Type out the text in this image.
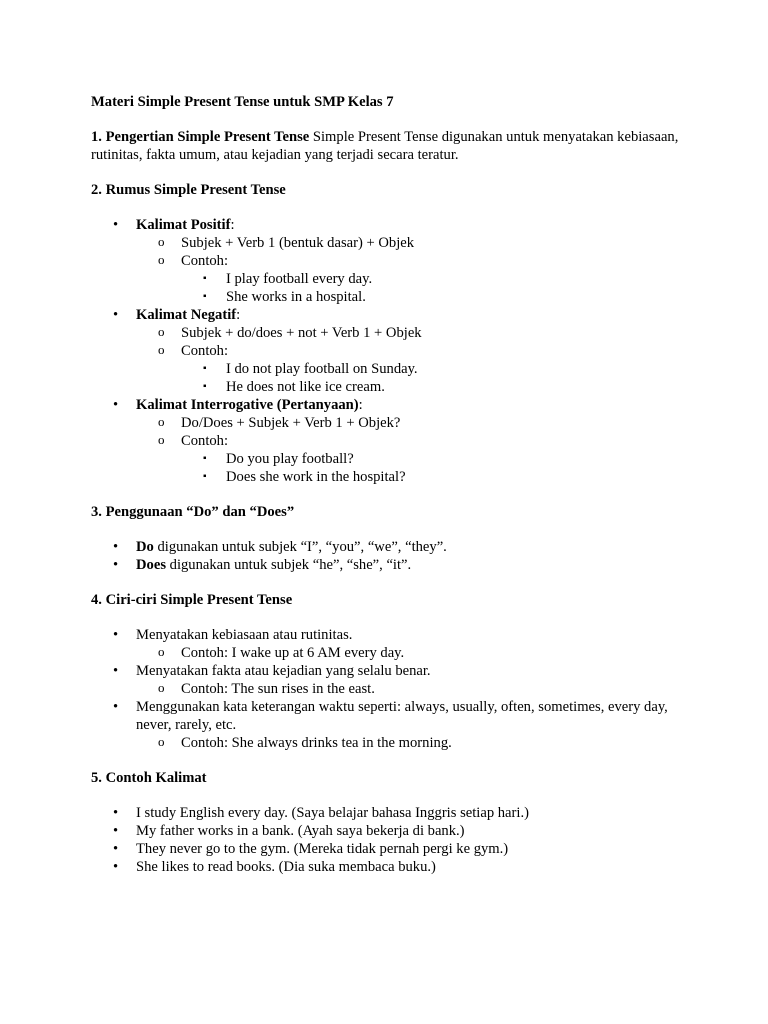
Materi Simple Present Tense untuk SMP Kelas 7

1. Pengertian Simple Present Tense Simple Present Tense digunakan untuk menyatakan kebiasaan, rutinitas, fakta umum, atau kejadian yang terjadi secara teratur.

2. Rumus Simple Present Tense
• Kalimat Positif:
o Subjek + Verb 1 (bentuk dasar) + Objek
o Contoh:
▪ I play football every day.
▪ She works in a hospital.
• Kalimat Negatif:
o Subjek + do/does + not + Verb 1 + Objek
o Contoh:
▪ I do not play football on Sunday.
▪ He does not like ice cream.
• Kalimat Interrogative (Pertanyaan):
o Do/Does + Subjek + Verb 1 + Objek?
o Contoh:
▪ Do you play football?
▪ Does she work in the hospital?
3. Penggunaan “Do” dan “Does”
• Do digunakan untuk subjek “I”, “you”, “we”, “they”.
• Does digunakan untuk subjek “he”, “she”, “it”.
4. Ciri-ciri Simple Present Tense
• Menyatakan kebiasaan atau rutinitas.
o Contoh: I wake up at 6 AM every day.
• Menyatakan fakta atau kejadian yang selalu benar.
o Contoh: The sun rises in the east.
• Menggunakan kata keterangan waktu seperti: always, usually, often, sometimes, every day, never, rarely, etc.
o Contoh: She always drinks tea in the morning.
5. Contoh Kalimat
• I study English every day. (Saya belajar bahasa Inggris setiap hari.)
• My father works in a bank. (Ayah saya bekerja di bank.)
• They never go to the gym. (Mereka tidak pernah pergi ke gym.)
• She likes to read books. (Dia suka membaca buku.)
